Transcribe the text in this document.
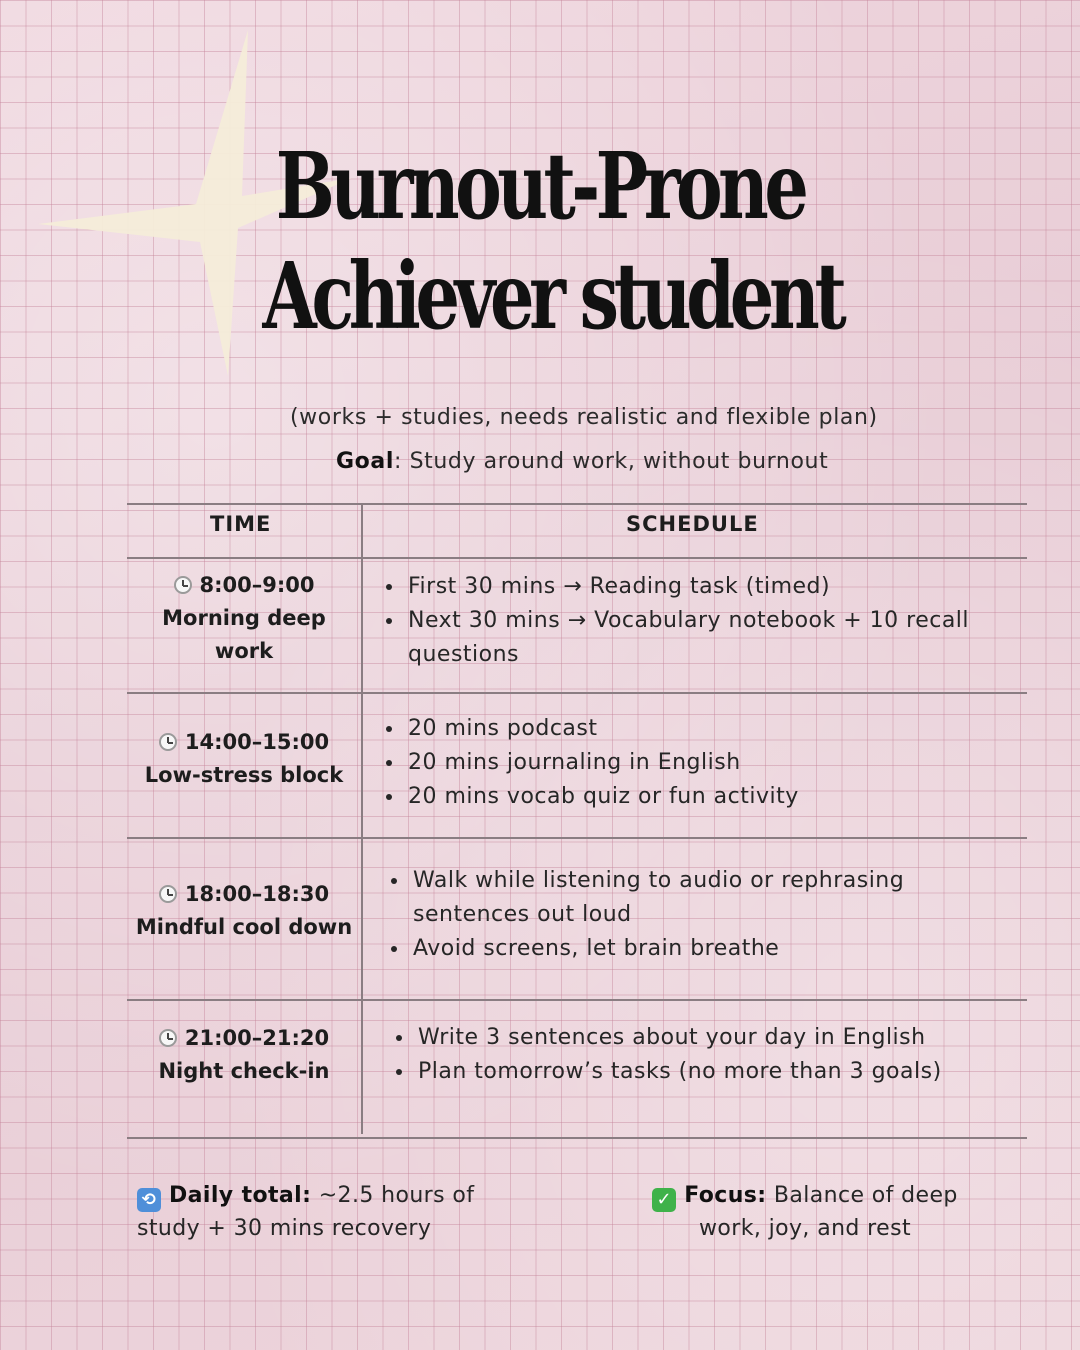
Burnout-Prone
Achiever student
(works + studies, needs realistic and flexible plan)
Goal: Study around work, without burnout
TIME	SCHEDULE
8:00–9:00
Morning deep work
First 30 mins → Reading task (timed)
Next 30 mins → Vocabulary notebook + 10 recall questions
14:00–15:00
Low-stress block
20 mins podcast
20 mins journaling in English
20 mins vocab quiz or fun activity
18:00–18:30
Mindful cool down
Walk while listening to audio or rephrasing sentences out loud
Avoid screens, let brain breathe
21:00–21:20
Night check-in
Write 3 sentences about your day in English
Plan tomorrow’s tasks (no more than 3 goals)
⟲ Daily total: ~2.5 hours of study + 30 mins recovery
✓ Focus: Balance of deep work, joy, and rest
